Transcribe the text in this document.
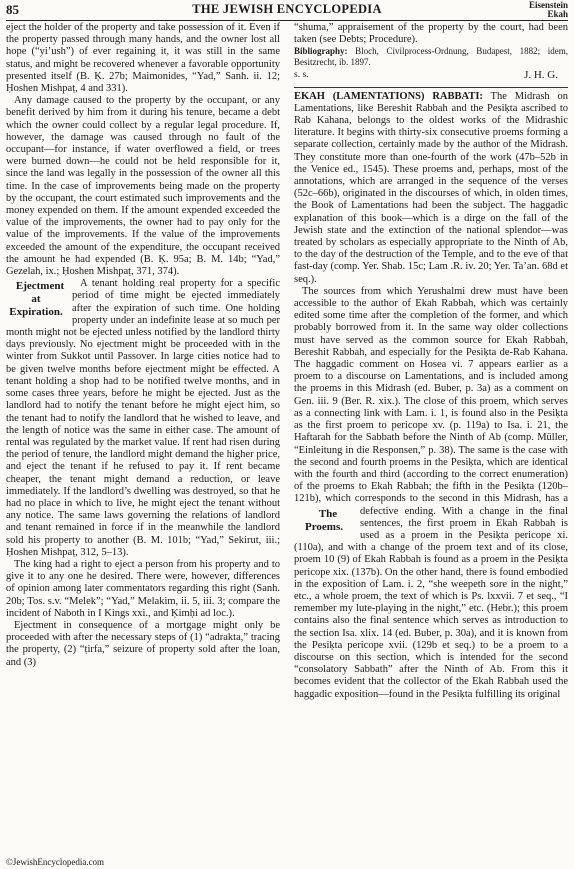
85	THE JEWISH ENCYCLOPEDIA	Eisenstein
Ekah

eject the holder of the property and take possession of it. Even if the property passed through many hands, and the owner lost all hope (“yi’ush”) of ever regaining it, it was still in the same status, and might be recovered whenever a favorable opportunity presented itself (B. Ḳ. 27b; Maimonides, “Yad,” Sanh. ii. 12; Ḥoshen Mishpaṭ, 4 and 331).

Any damage caused to the property by the occupant, or any benefit derived by him from it during his tenure, became a debt which the owner could collect by a regular legal procedure. If, however, the damage was caused through no fault of the occupant—for instance, if water overflowed a field, or trees were burned down—he could not be held responsible for it, since the land was legally in the possession of the owner all this time. In the case of improvements being made on the property by the occupant, the court estimated such improvements and the money expended on them. If the amount expended exceeded the value of the improvements, the owner had to pay only for the value of the improvements. If the value of the improvements exceeded the amount of the expenditure, the occupant received the amount he had expended (B. Ḳ. 95a; B. M. 14b; “Yad,” Gezelah, ix.; Ḥoshen Mishpaṭ, 371, 374).

Ejectment at Expiration.
A tenant holding real property for a specific period of time might be ejected immediately after the expiration of such time. One holding property under an indefinite lease at so much per month might not be ejected unless notified by the landlord thirty days previously. No ejectment might be proceeded with in the winter from Sukkot until Passover. In large cities notice had to be given twelve months before ejectment might be effected. A tenant holding a shop had to be notified twelve months, and in some cases three years, before he might be ejected. Just as the landlord had to notify the tenant before he might eject him, so the tenant had to notify the landlord that he wished to leave, and the length of notice was the same in either case. The amount of rental was regulated by the market value. If rent had risen during the period of tenure, the landlord might demand the higher price, and eject the tenant if he refused to pay it. If rent became cheaper, the tenant might demand a reduction, or leave immediately. If the landlord’s dwelling was destroyed, so that he had no place in which to live, he might eject the tenant without any notice. The same laws governing the relations of landlord and tenant remained in force if in the meanwhile the landlord sold his property to another (B. M. 101b; “Yad,” Sekirut, iii.; Ḥoshen Mishpaṭ, 312, 5–13).

The king had a right to eject a person from his property and to give it to any one he desired. There were, however, differences of opinion among later commentators regarding this right (Sanh. 20b; Tos. s.v. “Melek”; “Yad,” Melakim, ii. 5, iii. 3; compare the incident of Naboth in I Kings xxi., and Ḳimḥi ad loc.).

Ejectment in consequence of a mortgage might only be proceeded with after the necessary steps of (1) “adrakta,” tracing the property, (2) “ṭirfa,” seizure of property sold after the loan, and (3)

“shuma,” appraisement of the property by the court, had been taken (see Debts; Procedure).

Bibliography: Bloch, Civilprocess-Ordnung, Budapest, 1882; idem, Besitzrecht, ib. 1897.

s. s.	J. H. G.

EKAH (LAMENTATIONS) RABBATI: The Midrash on Lamentations, like Bereshit Rabbah and the Pesiḳta ascribed to Rab Kahana, belongs to the oldest works of the Midrashic literature. It begins with thirty-six consecutive proems forming a separate collection, certainly made by the author of the Midrash. They constitute more than one-fourth of the work (47b–52b in the Venice ed., 1545). These proems and, perhaps, most of the annotations, which are arranged in the sequence of the verses (52c–66b), originated in the discourses of which, in olden times, the Book of Lamentations had been the subject. The haggadic explanation of this book—which is a dirge on the fall of the Jewish state and the extinction of the national splendor—was treated by scholars as especially appropriate to the Ninth of Ab, to the day of the destruction of the Temple, and to the eve of that fast-day (comp. Yer. Shab. 15c; Lam .R. iv. 20; Yer. Ta’an. 68d et seq.).

The sources from which Yerushalmi drew must have been accessible to the author of Ekah Rabbah, which was certainly edited some time after the completion of the former, and which probably borrowed from it. In the same way older collections must have served as the common source for Ekah Rabbah, Bereshit Rabbah, and especially for the Pesiḳta de-Rab Kahana. The haggadic comment on Hosea vi. 7 appears earlier as a proem to a discourse on Lamentations, and is included among the proems in this Midrash (ed. Buber, p. 3a) as a comment on Gen. iii. 9 (Ber. R. xix.). The close of this proem, which serves as a connecting link with Lam. i. 1, is found also in the Pesiḳta as the first proem to pericope xv. (p. 119a) to Isa. i. 21, the Haftarah for the Sabbath before the Ninth of Ab (comp. Müller, “Einleitung in die Responsen,” p. 38). The same is the case with the second and fourth proems in the Pesiḳta, which are identical with the fourth and third (according to the correct enumeration) of the proems to Ekah Rabbah; the fifth in the Pesiḳta (120b–121b), which corresponds to the second in this Midrash, has a defective ending.
The Proems.
With a change in the final sentences, the first proem in Ekah Rabbah is used as a proem in the Pesiḳta pericope xi. (110a), and with a change of the proem text and of its close, proem 10 (9) of Ekah Rabbah is found as a proem in the Pesiḳta pericope xix. (137b). On the other hand, there is found embodied in the exposition of Lam. i. 2, “she weepeth sore in the night,” etc., a whole proem, the text of which is Ps. lxxvii. 7 et seq., “I remember my lute-playing in the night,” etc. (Hebr.); this proem contains also the final sentence which serves as introduction to the section Isa. xlix. 14 (ed. Buber, p. 30a), and it is known from the Pesiḳta pericope xvii. (129b et seq.) to be a proem to a discourse on this section, which is intended for the second “consolatory Sabbath” after the Ninth of Ab. From this it becomes evident that the collector of the Ekah Rabbah used the haggadic exposition—found in the Pesiḳta fulfilling its original

©JewishEncyclopedia.com
